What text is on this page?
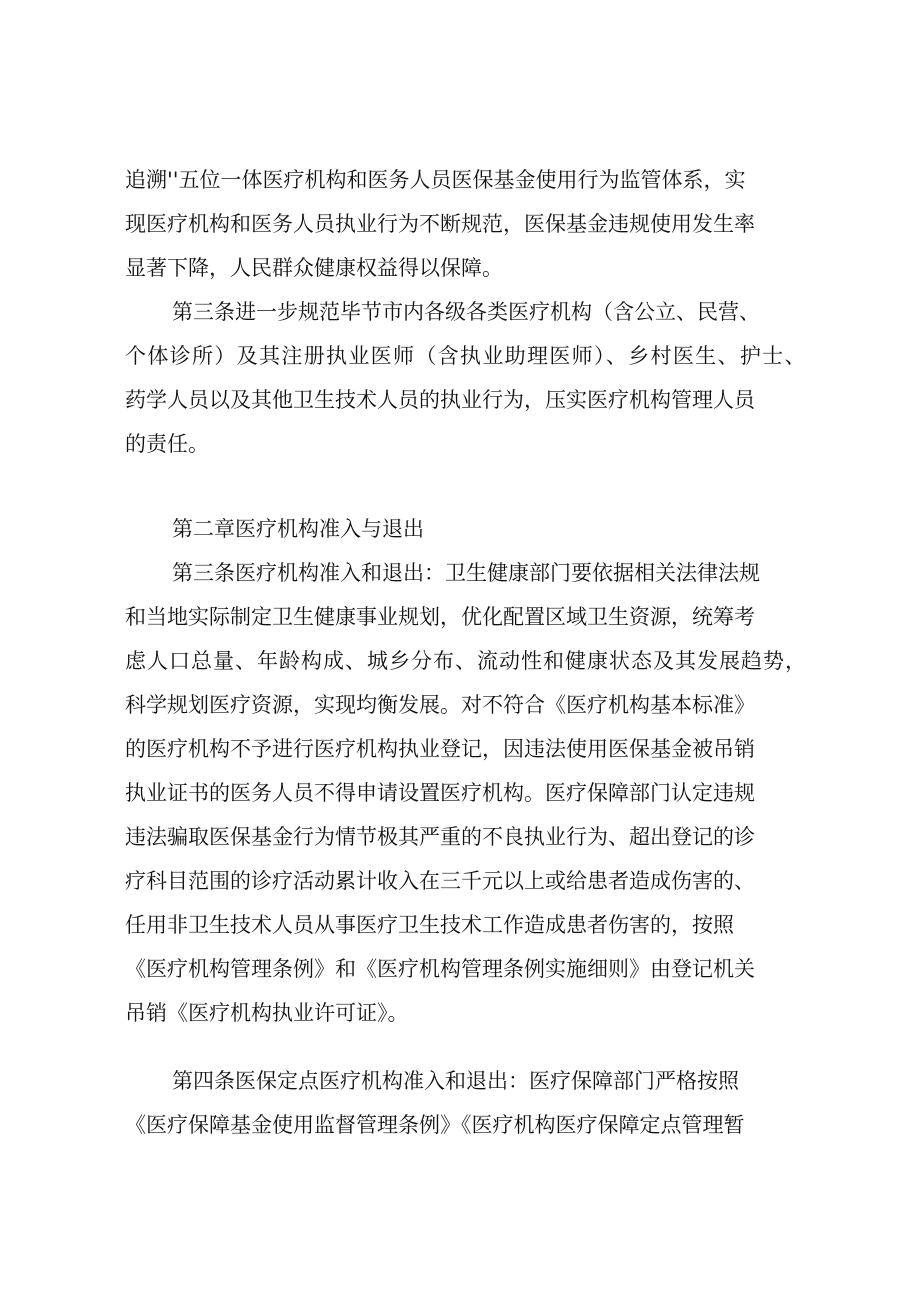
追溯''五位一体医疗机构和医务人员医保基金使用行为监管体系，实
现医疗机构和医务人员执业行为不断规范，医保基金违规使用发生率
显著下降，人民群众健康权益得以保障。
第三条进一步规范毕节市内各级各类医疗机构（含公立、民营、
个体诊所）及其注册执业医师（含执业助理医师）、乡村医生、护士、
药学人员以及其他卫生技术人员的执业行为，压实医疗机构管理人员
的责任。
第二章医疗机构准入与退出
第三条医疗机构准入和退出：卫生健康部门要依据相关法律法规
和当地实际制定卫生健康事业规划，优化配置区域卫生资源，统筹考
虑人口总量、年龄构成、城乡分布、流动性和健康状态及其发展趋势，
科学规划医疗资源，实现均衡发展。对不符合《医疗机构基本标准》
的医疗机构不予进行医疗机构执业登记，因违法使用医保基金被吊销
执业证书的医务人员不得申请设置医疗机构。医疗保障部门认定违规
违法骗取医保基金行为情节极其严重的不良执业行为、超出登记的诊
疗科目范围的诊疗活动累计收入在三千元以上或给患者造成伤害的、
任用非卫生技术人员从事医疗卫生技术工作造成患者伤害的，按照
《医疗机构管理条例》和《医疗机构管理条例实施细则》由登记机关
吊销《医疗机构执业许可证》。
第四条医保定点医疗机构准入和退出：医疗保障部门严格按照
《医疗保障基金使用监督管理条例》《医疗机构医疗保障定点管理暂
